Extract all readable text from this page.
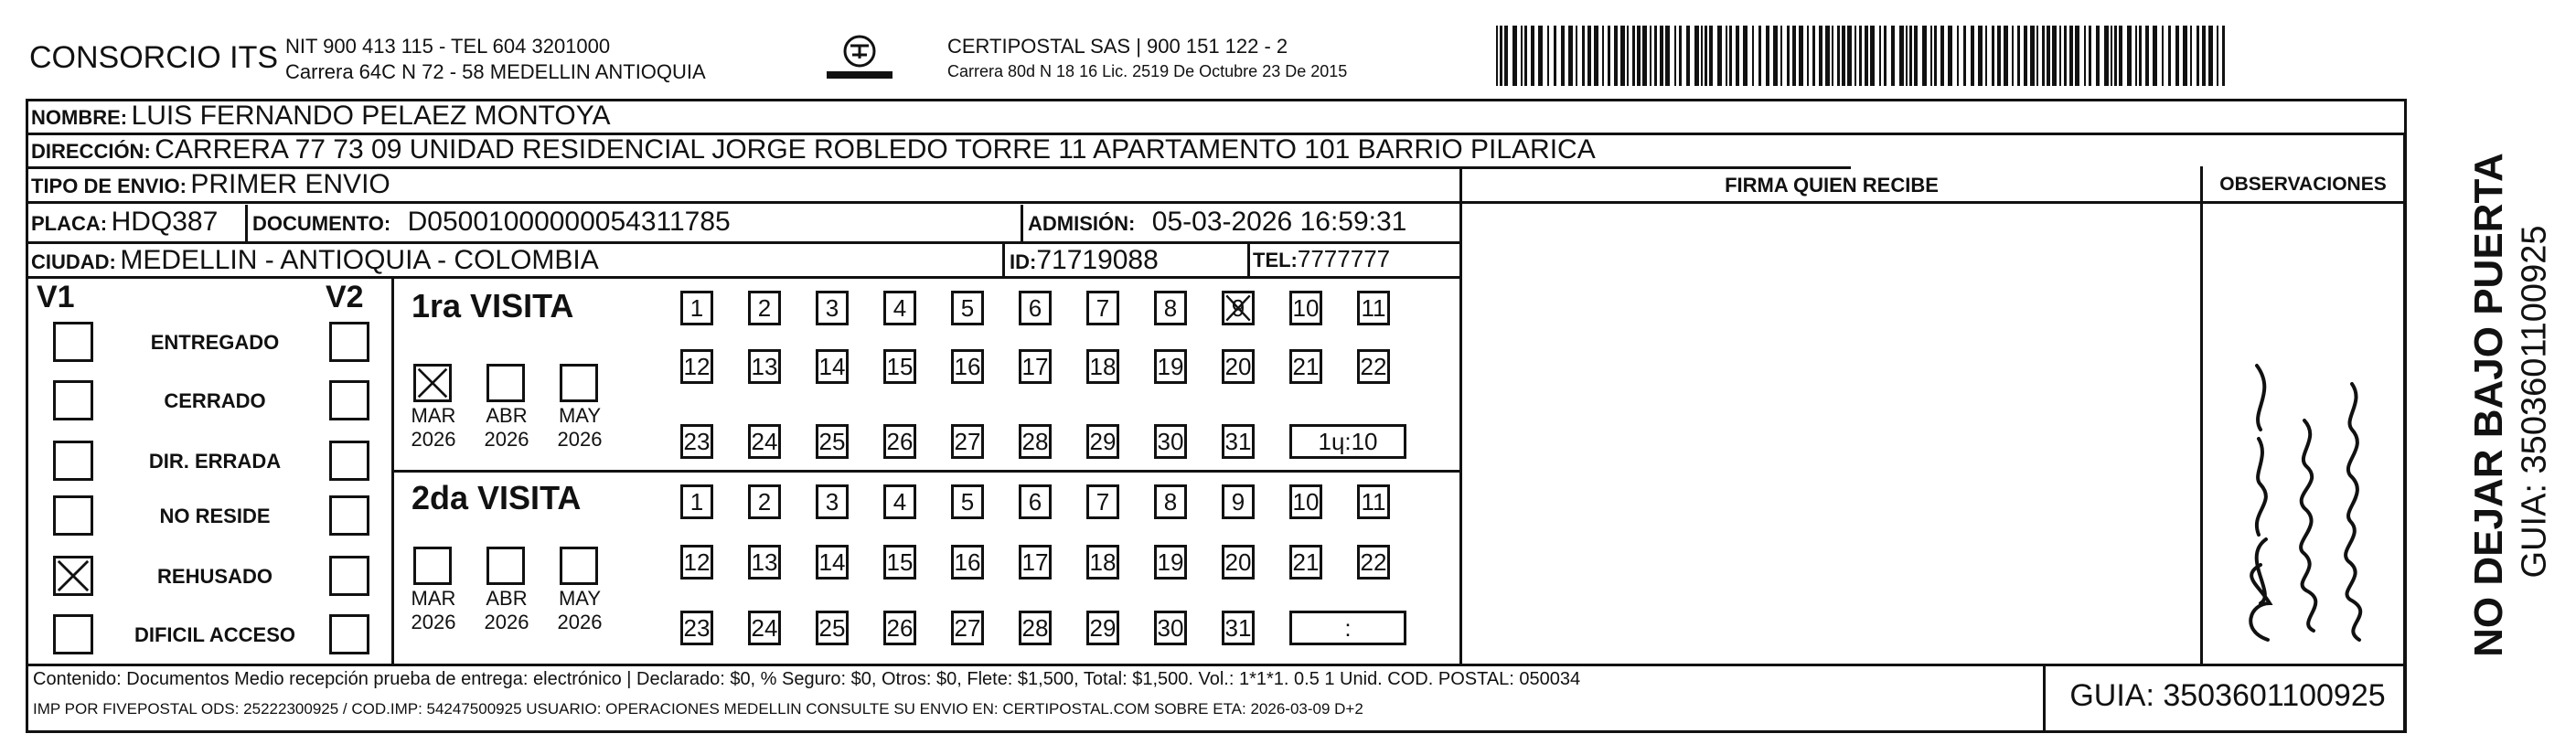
CONSORCIO ITS NIT 900 413 115 - TEL 604 3201000
Carrera 64C N 72 - 58 MEDELLIN ANTIOQUIA
CERTIPOSTAL SAS | 900 151 122 - 2
Carrera 80d N 18 16 Lic. 2519 De Octubre 23 De 2015
NOMBRE: LUIS FERNANDO PELAEZ MONTOYA
DIRECCIÓN: CARRERA 77 73 09 UNIDAD RESIDENCIAL JORGE ROBLEDO TORRE 11 APARTAMENTO 101 BARRIO PILARICA
TIPO DE ENVIO: PRIMER ENVIO	FIRMA QUIEN RECIBE	OBSERVACIONES
PLACA: HDQ387 DOCUMENTO: D05001000000054311785	ADMISIÓN: 05-03-2026 16:59:31
CIUDAD: MEDELLIN - ANTIOQUIA - COLOMBIA	ID:71719088	TEL:7777777
V1	V2
ENTREGADO
CERRADO
DIR. ERRADA
NO RESIDE
REHUSADO
DIFICIL ACCESO
1ra VISITA
2da VISITA
MAR
2026
ABR
2026
MAY
2026
MAR
2026
ABR
2026
MAY
2026
1	2	3	4	5	6	7	8	9	10 11
12 13 14 15 16 17 18 19 20 21 22
23 24 25 26 27 28 29 30 31	1ɥ:10
1	2	3	4	5	6	7	8	9	10 11
12 13 14 15 16 17 18 19 20 21 22
23 24 25 26 27 28 29 30 31	:
Contenido: Documentos Medio recepción prueba de entrega: electrónico | Declarado: $0, % Seguro: $0, Otros: $0, Flete: $1,500, Total: $1,500. Vol.: 1*1*1. 0.5 1 Unid. COD. POSTAL: 050034
IMP POR FIVEPOSTAL ODS: 25222300925 / COD.IMP: 54247500925 USUARIO: OPERACIONES MEDELLIN CONSULTE SU ENVIO EN: CERTIPOSTAL.COM SOBRE ETA: 2026-03-09 D+2	GUIA: 3503601100925
NO DEJAR BAJO PUERTA GUIA: 3503601100925
